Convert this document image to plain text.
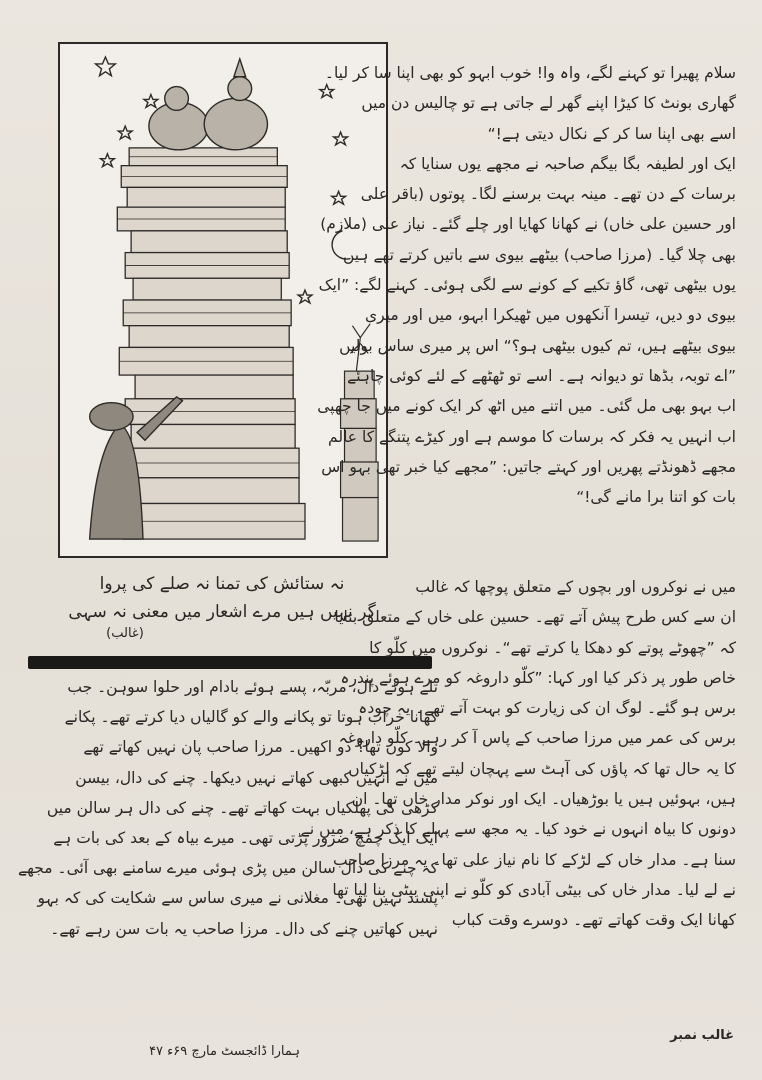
نہ ستائش کی تمنا نہ صلے کی پروا
گر نہیں ہیں مرے اشعار میں معنی نہ سہی
(غالب)
سلام پھیرا تو کہنے لگے، واہ وا! خوب ابہو کو بھی اپنا سا کر لیا۔
گھاری بونٹ کا کیڑا اپنے گھر لے جاتی ہے تو چالیس دن میں
اسے بھی اپنا سا کر کے نکال دیتی ہے!“
ایک اور لطیفہ بگا بیگم صاحبہ نے مجھے یوں سنایا کہ
برسات کے دن تھے۔ مینہ بہت برسنے لگا۔ پوتوں (باقر علی
اور حسین علی خاں) نے کھانا کھایا اور چلے گئے۔ نیاز علی (ملازم)
بھی چلا گیا۔ (مرزا صاحب) بیٹھے بیوی سے باتیں کرتے تھے ہیں
یوں بیٹھی تھی، گاؤ تکیے کے کونے سے لگی ہوئی۔ کہنے لگے: ”ایک
بیوی دو دیں، تیسرا آنکھوں میں ٹھیکرا ابہو، میں اور میری
بیوی بیٹھے ہیں، تم کیوں بیٹھی ہو؟“ اس پر میری ساس بولیں
”اے توبہ، بڈھا تو دیوانہ ہے۔ اسے تو ٹھٹھے کے لئے کوئی چاہئے
اب بہو بھی مل گئی۔ میں اتنے میں اٹھ کر ایک کونے میں جا چھپی
اب انہیں یہ فکر کہ برسات کا موسم ہے اور کیڑے پتنگے کا عالم
مجھے ڈھونڈتے پھریں اور کہتے جاتیں: ”مجھے کیا خبر تھی بہو اس
بات کو اتنا برا مانے گی!“
میں نے نوکروں اور بچوں کے متعلق پوچھا کہ غالب
ان سے کس طرح پیش آتے تھے۔ حسین علی خاں کے متعلق بتایا
کہ ”چھوٹے پوتے کو دھکا یا کرتے تھے“۔ نوکروں میں کلّو کا
خاص طور پر ذکر کیا اور کہا: ”کلّو داروغہ کو مرے ہوئے پندرہ
برس ہو گئے۔ لوگ ان کی زیارت کو بہت آتے تھے۔ یہ چودہ
برس کی عمر میں مرزا صاحب کے پاس آ کر رہے۔ کلّو داروغہ
کا یہ حال تھا کہ پاؤں کی آہٹ سے پہچان لیتے تھے کہ لڑکیاں
ہیں، بہوئیں ہیں یا بوڑھیاں۔ ایک اور نوکر مدار خاں تھا۔ ان
دونوں کا بیاہ انہوں نے خود کیا۔ یہ مجھ سے پہلے کا ذکر ہے، میں نے
سنا ہے۔ مدار خاں کے لڑکے کا نام نیاز علی تھا۔ یہ مرزا صاحب
نے لے لیا۔ مدار خاں کی بیٹی آبادی کو کلّو نے اپنی بیٹی بنا لیا تھا
کھانا ایک وقت کھاتے تھے۔ دوسرے وقت کباب
تلے ہوئے دال، مربّہ، پسے ہوئے بادام اور حلوا سوہن۔ جب
کھانا خراب ہوتا تو پکانے والے کو گالیاں دیا کرتے تھے۔ پکانے
والا کون تھا؟ دو اکھیں۔ مرزا صاحب پان نہیں کھاتے تھے
میں نے انہیں کبھی کھاتے نہیں دیکھا۔ چنے کی دال، بیسن
کڑھی کی پھلکیاں بہت کھاتے تھے۔ چنے کی دال ہر سالن میں
ایک ایک چمچ ضرور پڑتی تھی۔ میرے بیاہ کے بعد کی بات ہے
کہ چنے کی دال سالن میں پڑی ہوئی میرے سامنے بھی آئی۔ مجھے
پسند نہیں تھی۔ مغلانی نے میری ساس سے شکایت کی کہ بہو
نہیں کھاتیں چنے کی دال۔ مرزا صاحب یہ بات سن رہے تھے۔
ہمارا ڈائجسٹ مارچ ۶۹ء ۴۷
غالب نمبر
